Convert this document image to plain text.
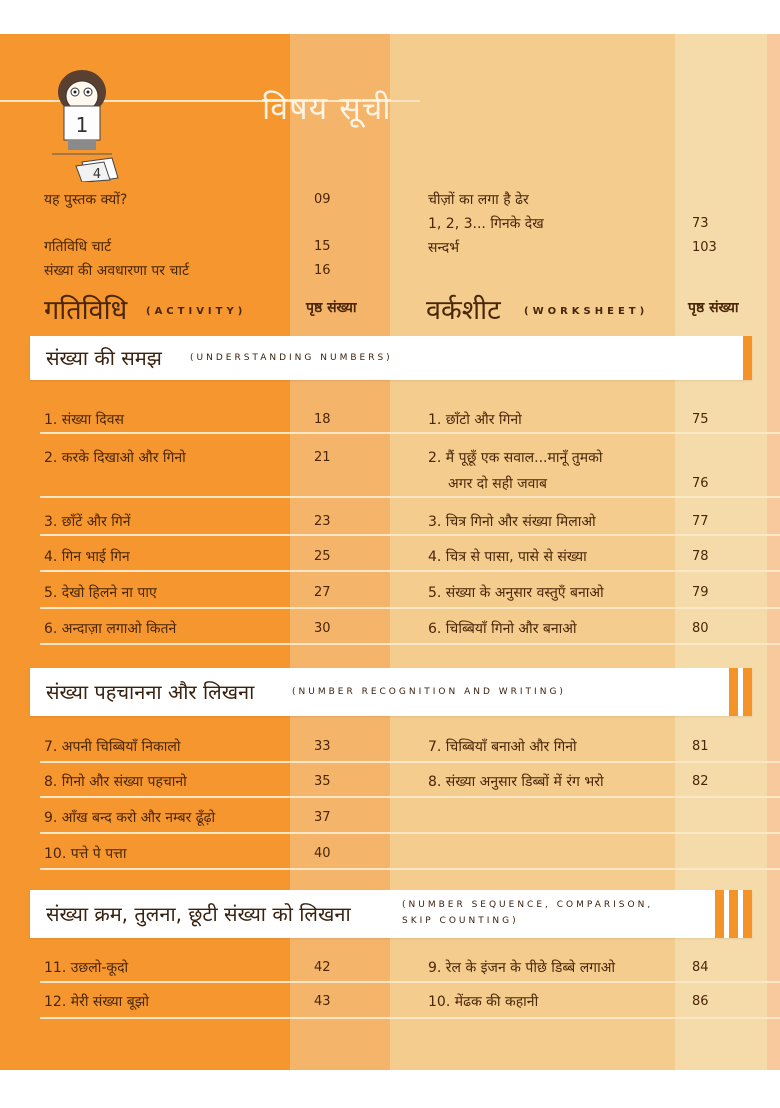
1
4
विषय सूची
यह पुस्तक क्यों?	09
गतिविधि चार्ट	15
संख्या की अवधारणा पर चार्ट	16
चीज़ों का लगा है ढेर
1, 2, 3... गिनके देख	73
सन्दर्भ	103
गतिविधि (ACTIVITY)	पृष्ठ संख्या	वर्कशीट (WORKSHEET)	पृष्ठ संख्या
संख्या की समझ	(UNDERSTANDING NUMBERS)
1. संख्या दिवस	18
2. करके दिखाओ और गिनो	21
3. छाँटें और गिनें	23
4. गिन भाई गिन	25
5. देखो हिलने ना पाए	27
6. अन्दाज़ा लगाओ कितने	30
1. छाँटो और गिनो	75
2. मैं पूछूँ एक सवाल...मानूँ तुमको
अगर दो सही जवाब	76
3. चित्र गिनो और संख्या मिलाओ	77
4. चित्र से पासा, पासे से संख्या	78
5. संख्या के अनुसार वस्तुएँ बनाओ	79
6. चिब्बियाँ गिनो और बनाओ	80
संख्या पहचानना और लिखना	(NUMBER RECOGNITION AND WRITING)
7. अपनी चिब्बियाँ निकालो	33
8. गिनो और संख्या पहचानो	35
9. आँख बन्द करो और नम्बर ढूँढ़ो	37
10. पत्ते पे पत्ता	40
7. चिब्बियाँ बनाओ और गिनो	81
8. संख्या अनुसार डिब्बों में रंग भरो	82
संख्या क्रम, तुलना, छूटी संख्या को लिखना	(NUMBER SEQUENCE, COMPARISON,
SKIP COUNTING)
11. उछलो-कूदो	42
12. मेरी संख्या बूझो	43
9. रेल के इंजन के पीछे डिब्बे लगाओ	84
10. मेंढक की कहानी	86
